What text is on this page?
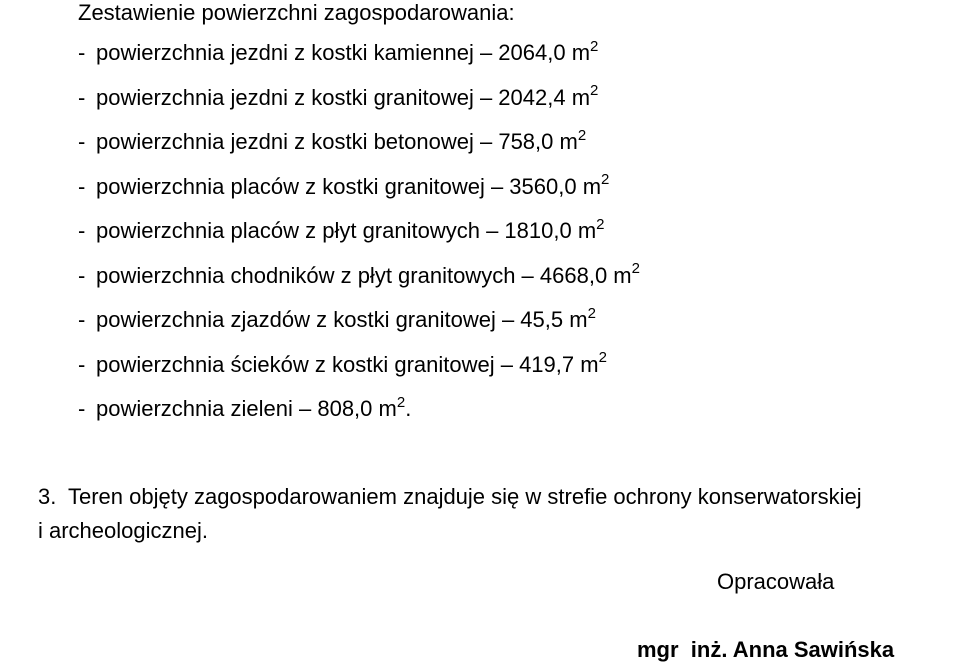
Zestawienie powierzchni zagospodarowania:
- powierzchnia jezdni z kostki kamiennej – 2064,0 $m^2$
- powierzchnia jezdni z kostki granitowej – 2042,4 $m^2$
- powierzchnia jezdni z kostki betonowej – 758,0 $m^2$
- powierzchnia placów z kostki granitowej – 3560,0 $m^2$
- powierzchnia placów z płyt granitowych – 1810,0 $m^2$
- powierzchnia chodników z płyt granitowych – 4668,0 $m^2$
- powierzchnia zjazdów z kostki granitowej – 45,5 $m^2$
- powierzchnia ścieków z kostki granitowej – 419,7 $m^2$
- powierzchnia zieleni – 808,0 $m^2$.
3. Teren objęty zagospodarowaniem znajduje się w strefie ochrony konserwatorskiej
i archeologicznej.
Opracowała
mgr  inż. Anna Sawińska
